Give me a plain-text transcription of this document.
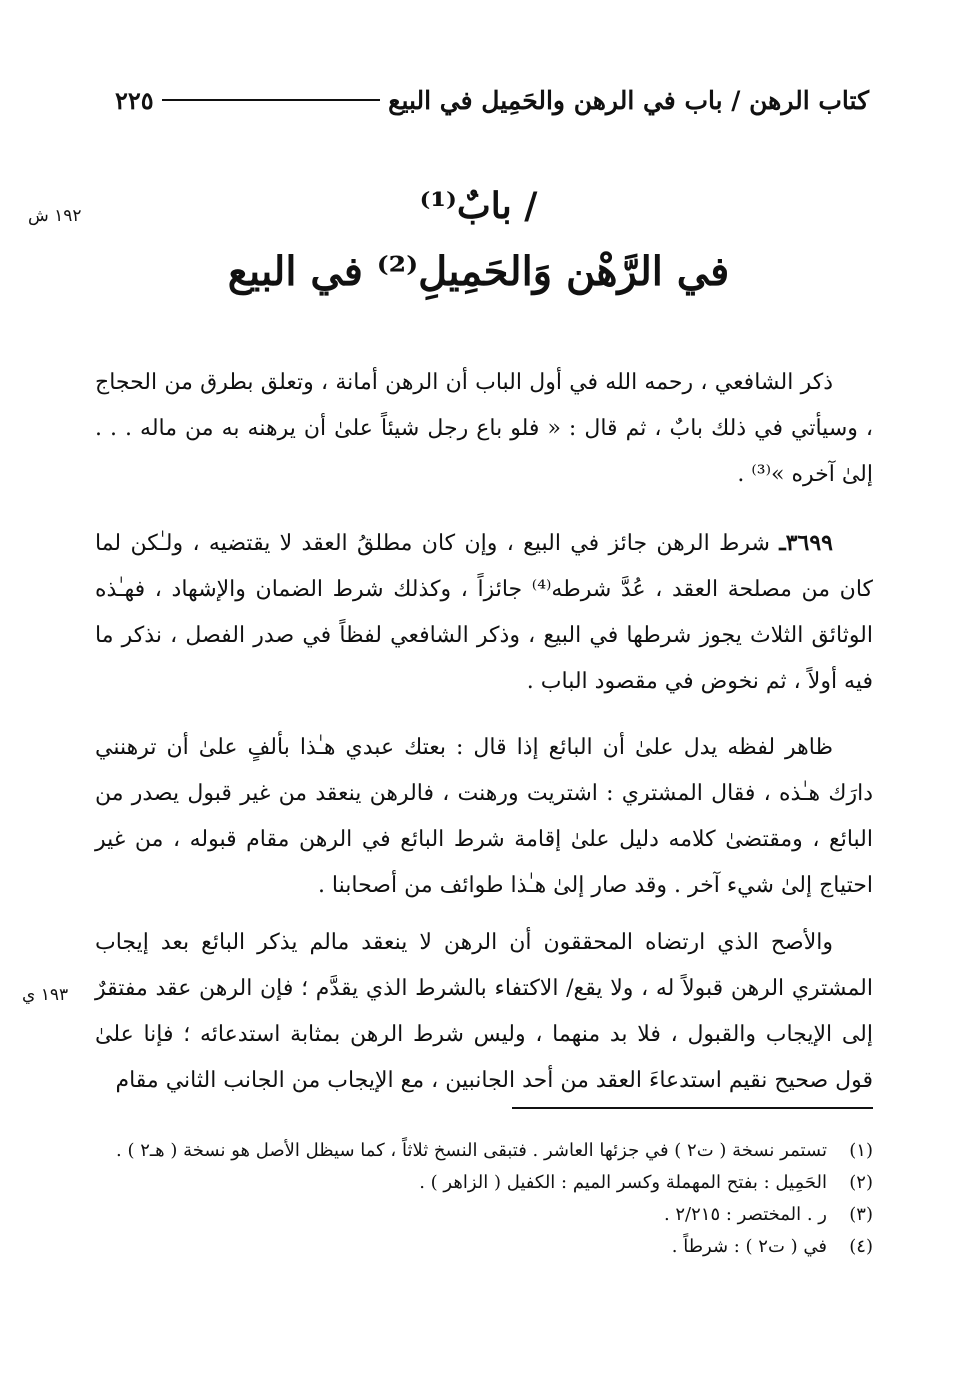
كتاب الرهن / باب في الرهن والحَمِيل في البيع
٢٢٥
١٩٢ ش
١٩٣ ي
/ بابٌ⁽¹⁾
في الرَّهْن وَالحَمِيلِ⁽²⁾ في البيع

ذكر الشافعي ، رحمه الله في أول الباب أن الرهن أمانة ، وتعلق بطرق من الحجاج ، وسيأتي في ذلك بابٌ ، ثم قال : « فلو باع رجل شيئاً علىٰ أن يرهنه به من ماله . . . إلىٰ آخره »⁽³⁾ .

٣٦٩٩ـ شرط الرهن جائز في البيع ، وإن كان مطلقُ العقد لا يقتضيه ، ولـٰكن لما كان من مصلحة العقد ، عُدَّ شرطه⁽⁴⁾ جائزاً ، وكذلك شرط الضمان والإشهاد ، فهـٰذه الوثائق الثلاث يجوز شرطها في البيع ، وذكر الشافعي لفظاً في صدر الفصل ، نذكر ما فيه أولاً ، ثم نخوض في مقصود الباب .

ظاهر لفظه يدل علىٰ أن البائع إذا قال : بعتك عبدي هـٰذا بألفٍ علىٰ أن ترهنني دارَك هـٰذه ، فقال المشتري : اشتريت ورهنت ، فالرهن ينعقد من غير قبول يصدر من البائع ، ومقتضىٰ كلامه دليل علىٰ إقامة شرط البائع في الرهن مقام قبوله ، من غير احتياج إلىٰ شيء آخر . وقد صار إلىٰ هـٰذا طوائف من أصحابنا .

والأصح الذي ارتضاه المحققون أن الرهن لا ينعقد مالم يذكر البائع بعد إيجاب المشتري الرهن قبولاً له ، ولا يقع/ الاكتفاء بالشرط الذي يقدَّم ؛ فإن الرهن عقد مفتقرٌ إلى الإيجاب والقبول ، فلا بد منهما ، وليس شرط الرهن بمثابة استدعائه ؛ فإنا علىٰ قول صحيح نقيم استدعاءَ العقد من أحد الجانبين ، مع الإيجاب من الجانب الثاني مقام

(١)
تستمر نسخة ( ت٢ ) في جزئها العاشر . فتبقى النسخ ثلاثاً ، كما سيظل الأصل هو نسخة ( هـ٢ ) .
(٢)
الحَمِيل : بفتح المهملة وكسر الميم : الكفيل ( الزاهر ) .
(٣)
ر . المختصر : ٢/٢١٥ .
(٤)
في ( ت٢ ) : شرطاً .
